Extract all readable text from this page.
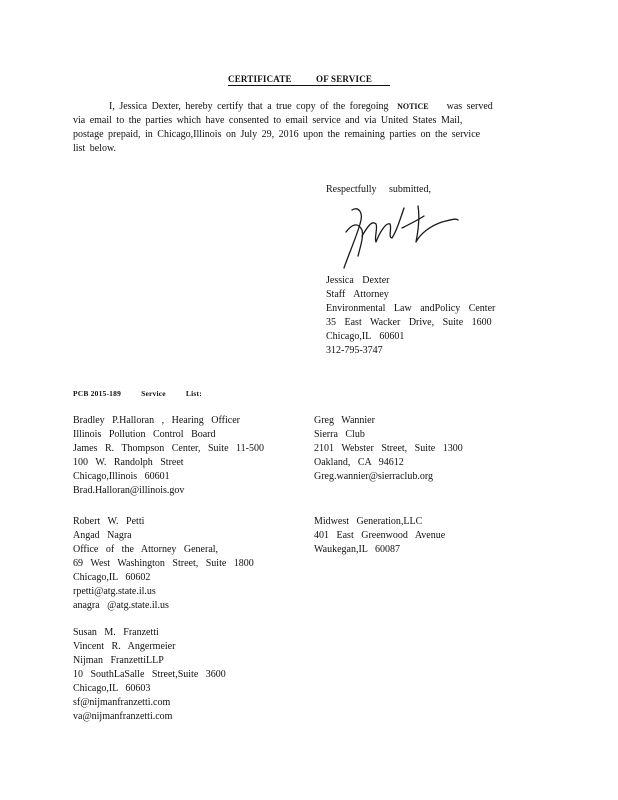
CERTIFICATE	OF SERVICE
I, Jessica Dexter, hereby certify that a true copy of the foregoing NOTICE was served
via email to the parties which have consented to email service and via United States Mail,
postage prepaid, in Chicago,Illinois on July 29, 2016 upon the remaining parties on the service
list below.
Respectfully submitted,
Jessica Dexter
Staff Attorney
Environmental Law andPolicy Center
35 East Wacker Drive, Suite 1600
Chicago,IL 60601
312-795-3747
PCB 2015-189	Service	List:
Bradley P.Halloran , Hearing Officer
Illinois Pollution Control Board
James R. Thompson Center, Suite 11-500
100 W. Randolph Street
Chicago,Illinois 60601
Brad.Halloran@illinois.gov
Greg Wannier
Sierra Club
2101 Webster Street, Suite 1300
Oakland, CA 94612
Greg.wannier@sierraclub.org
Robert W. Petti
Angad Nagra
Office of the Attorney General,
69 West Washington Street, Suite 1800
Chicago,IL 60602
rpetti@atg.state.il.us
anagra @atg.state.il.us
Midwest Generation,LLC
401 East Greenwood Avenue
Waukegan,IL 60087
Susan M. Franzetti
Vincent R. Angermeier
Nijman FranzettiLLP
10 SouthLaSalle Street,Suite 3600
Chicago,IL 60603
sf@nijmanfranzetti.com
va@nijmanfranzetti.com
